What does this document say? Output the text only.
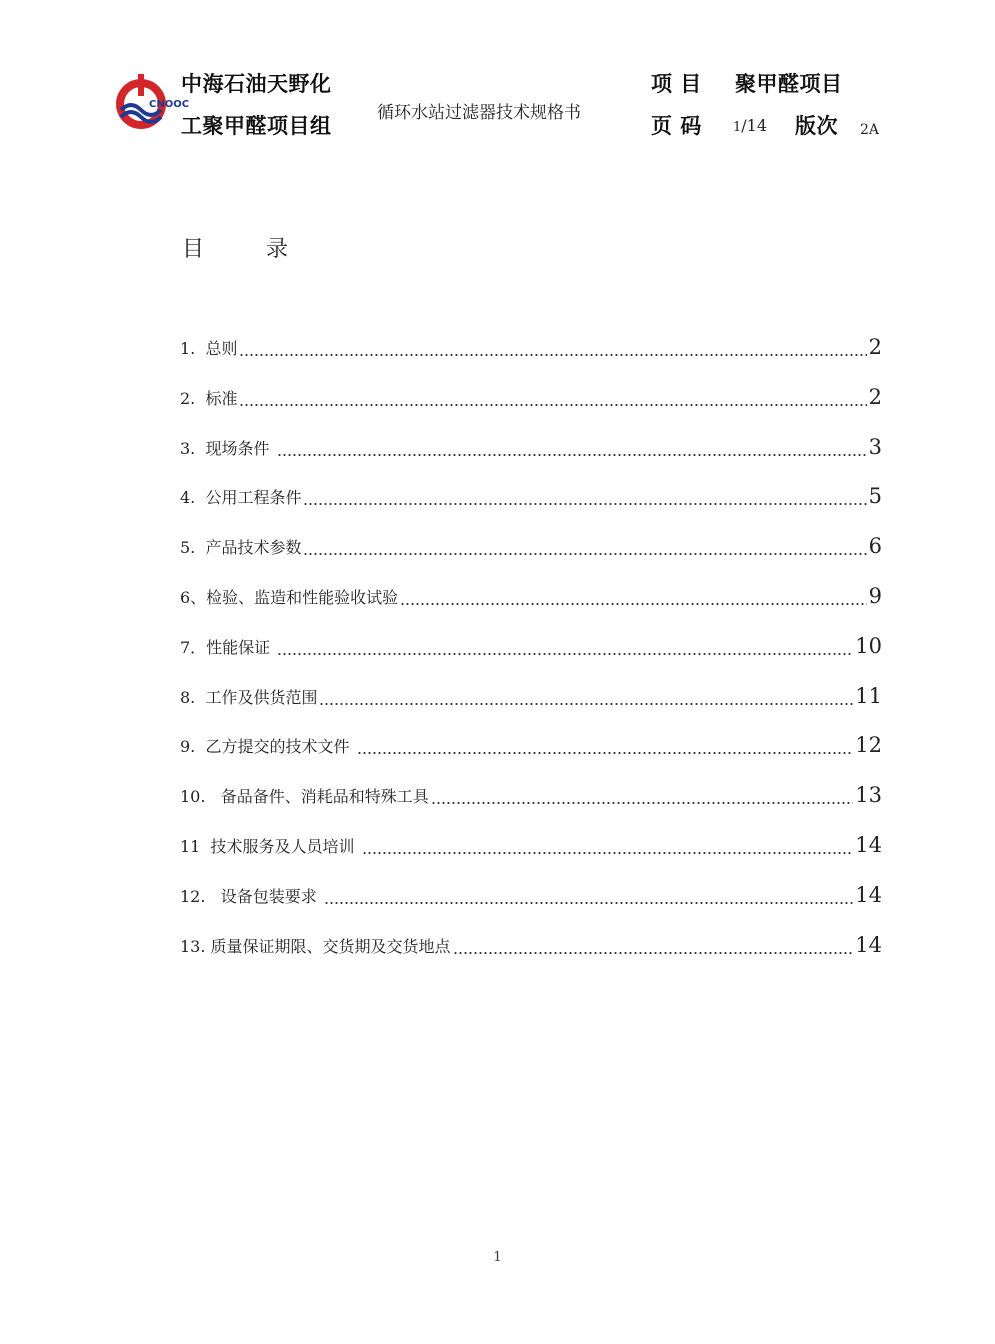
CNOOC
中海石油天野化
工聚甲醛项目组
循环水站过滤器技术规格书
项 目 聚甲醛项目
页 码 1/14 版次 2A
目	录
1.  总则	2
2.  标准	2
3.  现场条件	3
4.  公用工程条件	5
5.  产品技术参数	6
6、检验、监造和性能验收试验	9
7．性能保证	10
8.  工作及供货范围	11
9.  乙方提交的技术文件	12
10.   备品备件、消耗品和特殊工具	13
11  技术服务及人员培训	14
12.   设备包装要求	14
13. 质量保证期限、交货期及交货地点	14
1
